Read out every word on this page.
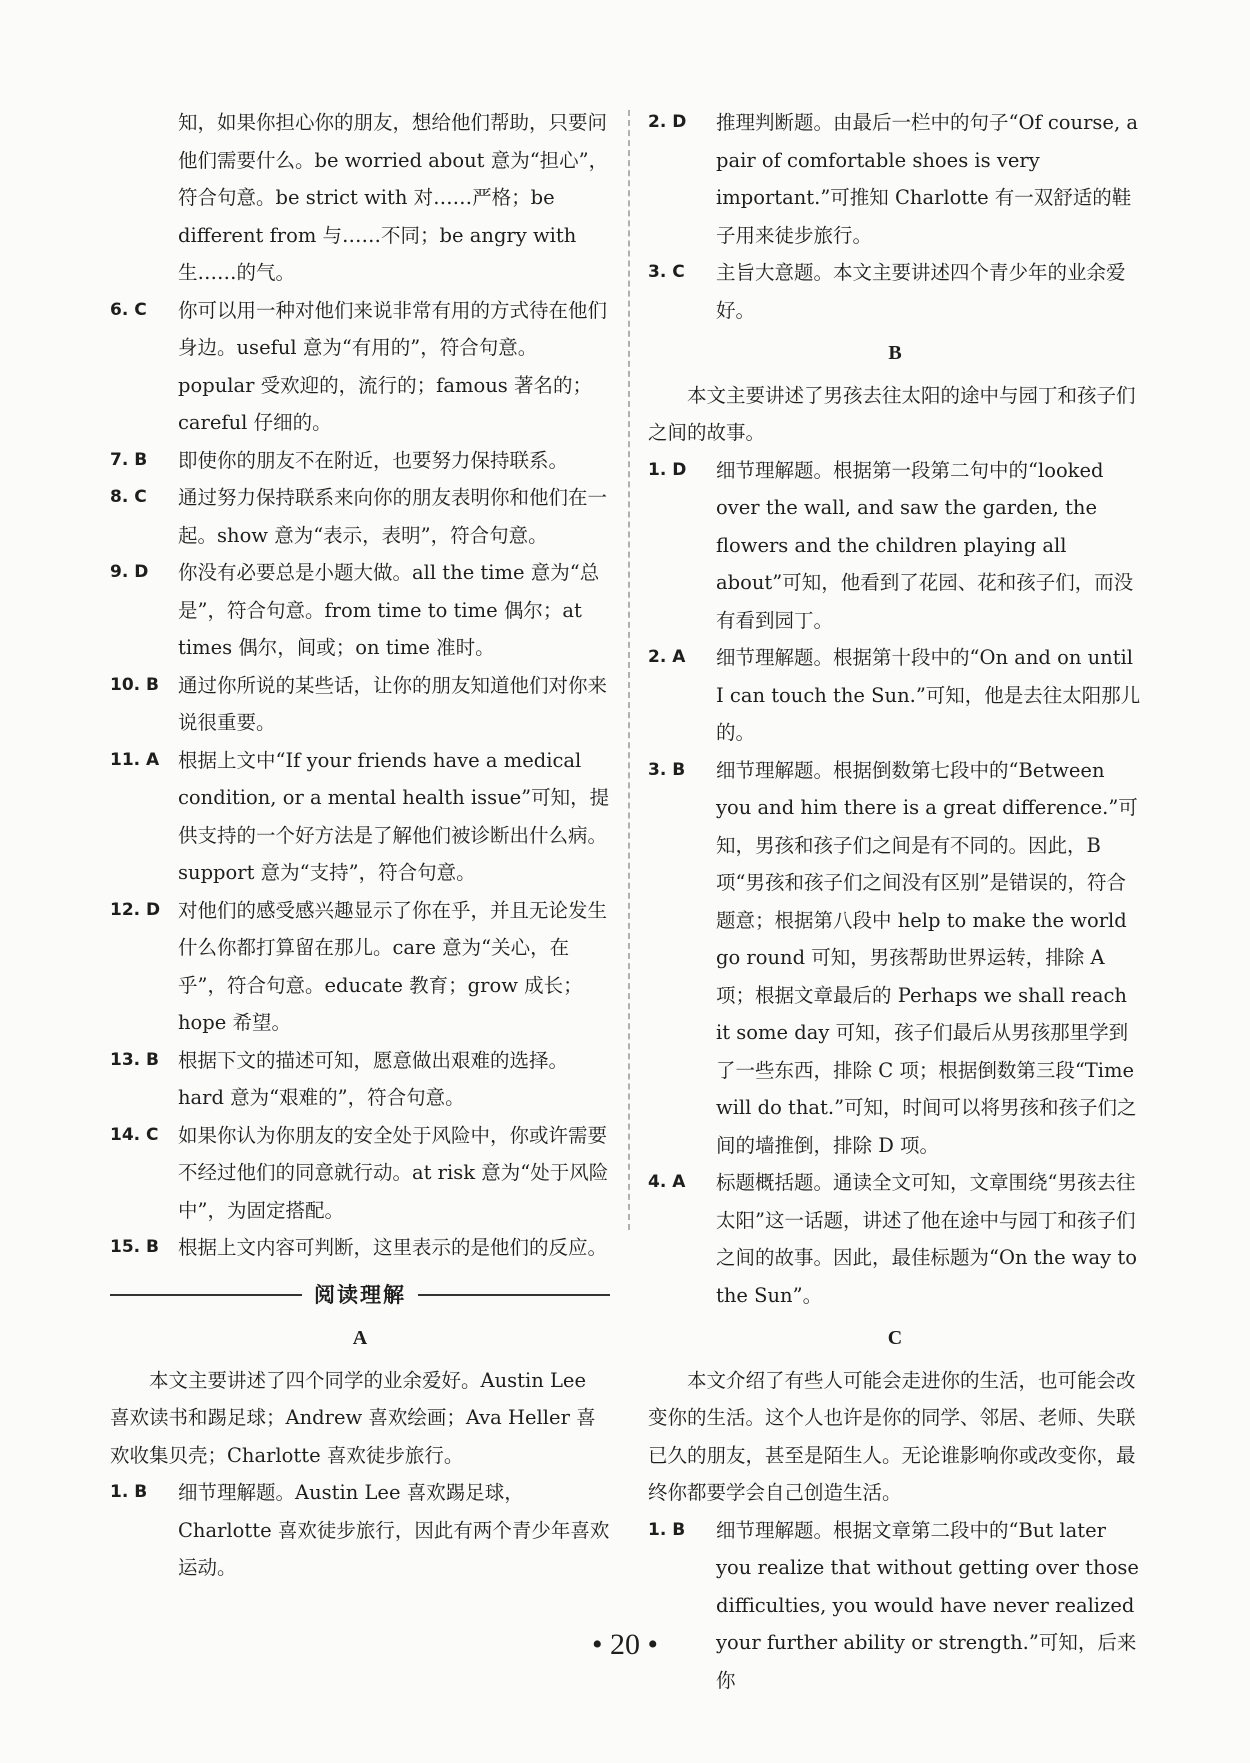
知，如果你担心你的朋友，想给他们帮助，只要问他们需要什么。be worried about 意为“担心”，符合句意。be strict with 对……严格；be different from 与……不同；be angry with 生……的气。

6. C	你可以用一种对他们来说非常有用的方式待在他们身边。useful 意为“有用的”，符合句意。popular 受欢迎的，流行的；famous 著名的；careful 仔细的。
7. B	即使你的朋友不在附近，也要努力保持联系。
8. C	通过努力保持联系来向你的朋友表明你和他们在一起。show 意为“表示，表明”，符合句意。
9. D	你没有必要总是小题大做。all the time 意为“总是”，符合句意。from time to time 偶尔；at times 偶尔，间或；on time 准时。
10. B 通过你所说的某些话，让你的朋友知道他们对你来说很重要。
11. A 根据上文中“If your friends have a medical condition, or a mental health issue”可知，提供支持的一个好方法是了解他们被诊断出什么病。support 意为“支持”，符合句意。
12. D 对他们的感受感兴趣显示了你在乎，并且无论发生什么你都打算留在那儿。care 意为“关心，在乎”，符合句意。educate 教育；grow 成长；hope 希望。
13. B 根据下文的描述可知，愿意做出艰难的选择。hard 意为“艰难的”，符合句意。
14. C 如果你认为你朋友的安全处于风险中，你或许需要不经过他们的同意就行动。at risk 意为“处于风险中”，为固定搭配。
15. B 根据上文内容可判断，这里表示的是他们的反应。
阅读理解
A

本文主要讲述了四个同学的业余爱好。Austin Lee 喜欢读书和踢足球；Andrew 喜欢绘画；Ava Heller 喜欢收集贝壳；Charlotte 喜欢徒步旅行。

1. B	细节理解题。Austin Lee 喜欢踢足球，Charlotte 喜欢徒步旅行，因此有两个青少年喜欢运动。
2. D	推理判断题。由最后一栏中的句子“Of course, a pair of comfortable shoes is very important.”可推知 Charlotte 有一双舒适的鞋子用来徒步旅行。
3. C	主旨大意题。本文主要讲述四个青少年的业余爱好。
B

本文主要讲述了男孩去往太阳的途中与园丁和孩子们之间的故事。

1. D	细节理解题。根据第一段第二句中的“looked over the wall, and saw the garden, the flowers and the children playing all about”可知，他看到了花园、花和孩子们，而没有看到园丁。
2. A	细节理解题。根据第十段中的“On and on until I can touch the Sun.”可知，他是去往太阳那儿的。
3. B	细节理解题。根据倒数第七段中的“Between you and him there is a great difference.”可知，男孩和孩子们之间是有不同的。因此，B项“男孩和孩子们之间没有区别”是错误的，符合题意；根据第八段中 help to make the world go round 可知，男孩帮助世界运转，排除 A 项；根据文章最后的 Perhaps we shall reach it some day 可知，孩子们最后从男孩那里学到了一些东西，排除 C 项；根据倒数第三段“Time will do that.”可知，时间可以将男孩和孩子们之间的墙推倒，排除 D 项。
4. A	标题概括题。通读全文可知，文章围绕“男孩去往太阳”这一话题，讲述了他在途中与园丁和孩子们之间的故事。因此，最佳标题为“On the way to the Sun”。
C

本文介绍了有些人可能会走进你的生活，也可能会改变你的生活。这个人也许是你的同学、邻居、老师、失联已久的朋友，甚至是陌生人。无论谁影响你或改变你，最终你都要学会自己创造生活。

1. B	细节理解题。根据文章第二段中的“But later you realize that without getting over those difficulties, you would have never realized your further ability or strength.”可知，后来你
• 20 •
